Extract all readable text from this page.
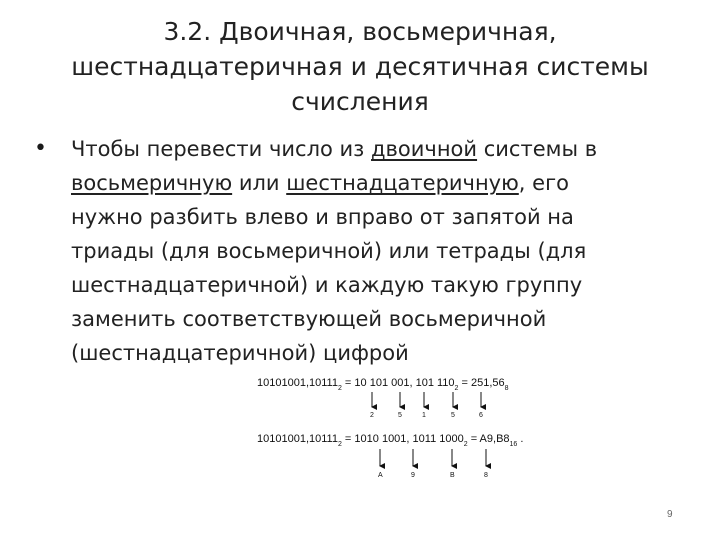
3.2. Двоичная, восьмеричная,
шестнадцатеричная и десятичная системы
счисления
• Чтобы перевести число из двоичной системы в
восьмеричную или шестнадцатеричную, его
нужно разбить влево и вправо от запятой на
триады (для восьмеричной) или тетрады (для
шестнадцатеричной) и каждую такую группу
заменить соответствующей восьмеричной
(шестнадцатеричной) цифрой
$10101001,10111_2 = 10$ 101 001, 101 $110_2 = 251,56_8$
2	5	1	5	6
$10101001,10111_2 = 1010$ 1001, 1011 $1000_2 = A9,B8_{16}$ .
A	9	B	8
9
